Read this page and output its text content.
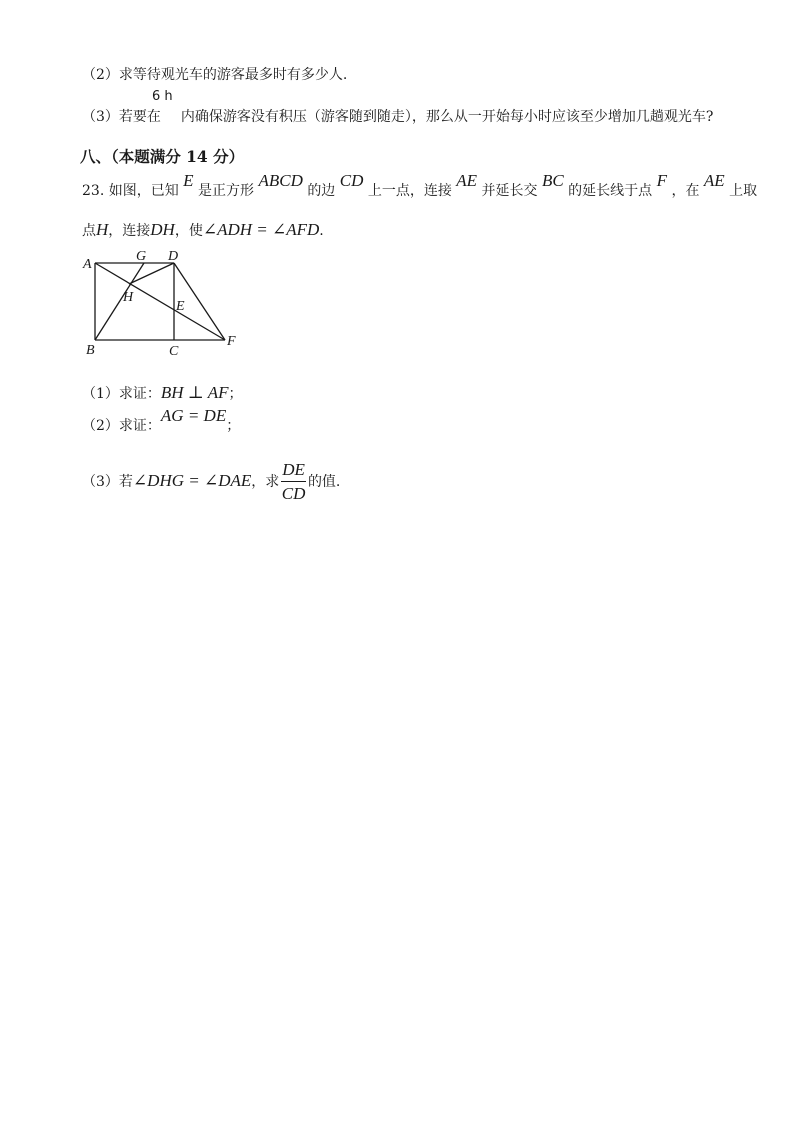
（2）求等待观光车的游客最多时有多少人.
6 h
（3）若要在 内确保游客没有积压（游客随到随走），那么从一开始每小时应该至少增加几趟观光车?
八、（本题满分 14 分）
23. 如图，已知 E 是正方形 ABCD 的边 CD 上一点，连接 AE 并延长交 BC 的延长线于点 F ，在 AE 上取
点H，连接DH，使∠ADH = ∠AFD.
A
G D
H
E
B	C
F
（1）求证：BH ⊥ AF；
（2）求证：AG = DE；
（3）若∠DHG = ∠DAE，求 $\frac{DE}{CD}$ 的值.
